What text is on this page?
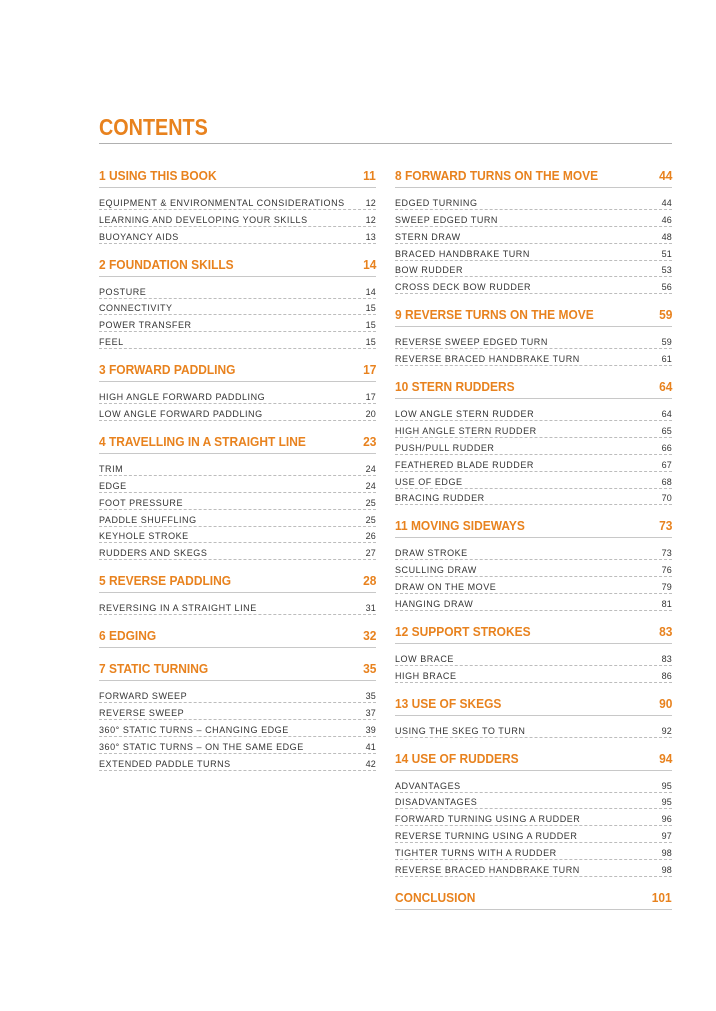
CONTENTS
1 USING THIS BOOK	11
EQUIPMENT & ENVIRONMENTAL CONSIDERATIONS 12
LEARNING AND DEVELOPING YOUR SKILLS	12
BUOYANCY AIDS	13
2 FOUNDATION SKILLS	14
POSTURE	14
CONNECTIVITY	15
POWER TRANSFER	15
FEEL	15
3 FORWARD PADDLING	17
HIGH ANGLE FORWARD PADDLING	17
LOW ANGLE FORWARD PADDLING	20
4 TRAVELLING IN A STRAIGHT LINE	23
TRIM	24
EDGE	24
FOOT PRESSURE	25
PADDLE SHUFFLING	25
KEYHOLE STROKE	26
RUDDERS AND SKEGS	27
5 REVERSE PADDLING	28
REVERSING IN A STRAIGHT LINE	31
6 EDGING	32
7 STATIC TURNING	35
FORWARD SWEEP	35
REVERSE SWEEP	37
360° STATIC TURNS – CHANGING EDGE	39
360° STATIC TURNS – ON THE SAME EDGE	41
EXTENDED PADDLE TURNS	42
8 FORWARD TURNS ON THE MOVE	44
EDGED TURNING	44
SWEEP EDGED TURN	46
STERN DRAW	48
BRACED HANDBRAKE TURN	51
BOW RUDDER	53
CROSS DECK BOW RUDDER	56
9 REVERSE TURNS ON THE MOVE	59
REVERSE SWEEP EDGED TURN	59
REVERSE BRACED HANDBRAKE TURN	61
10 STERN RUDDERS	64
LOW ANGLE STERN RUDDER	64
HIGH ANGLE STERN RUDDER	65
PUSH/PULL RUDDER	66
FEATHERED BLADE RUDDER	67
USE OF EDGE	68
BRACING RUDDER	70
11 MOVING SIDEWAYS	73
DRAW STROKE	73
SCULLING DRAW	76
DRAW ON THE MOVE	79
HANGING DRAW	81
12 SUPPORT STROKES	83
LOW BRACE	83
HIGH BRACE	86
13 USE OF SKEGS	90
USING THE SKEG TO TURN	92
14 USE OF RUDDERS	94
ADVANTAGES	95
DISADVANTAGES	95
FORWARD TURNING USING A RUDDER	96
REVERSE TURNING USING A RUDDER	97
TIGHTER TURNS WITH A RUDDER	98
REVERSE BRACED HANDBRAKE TURN	98
CONCLUSION	101
